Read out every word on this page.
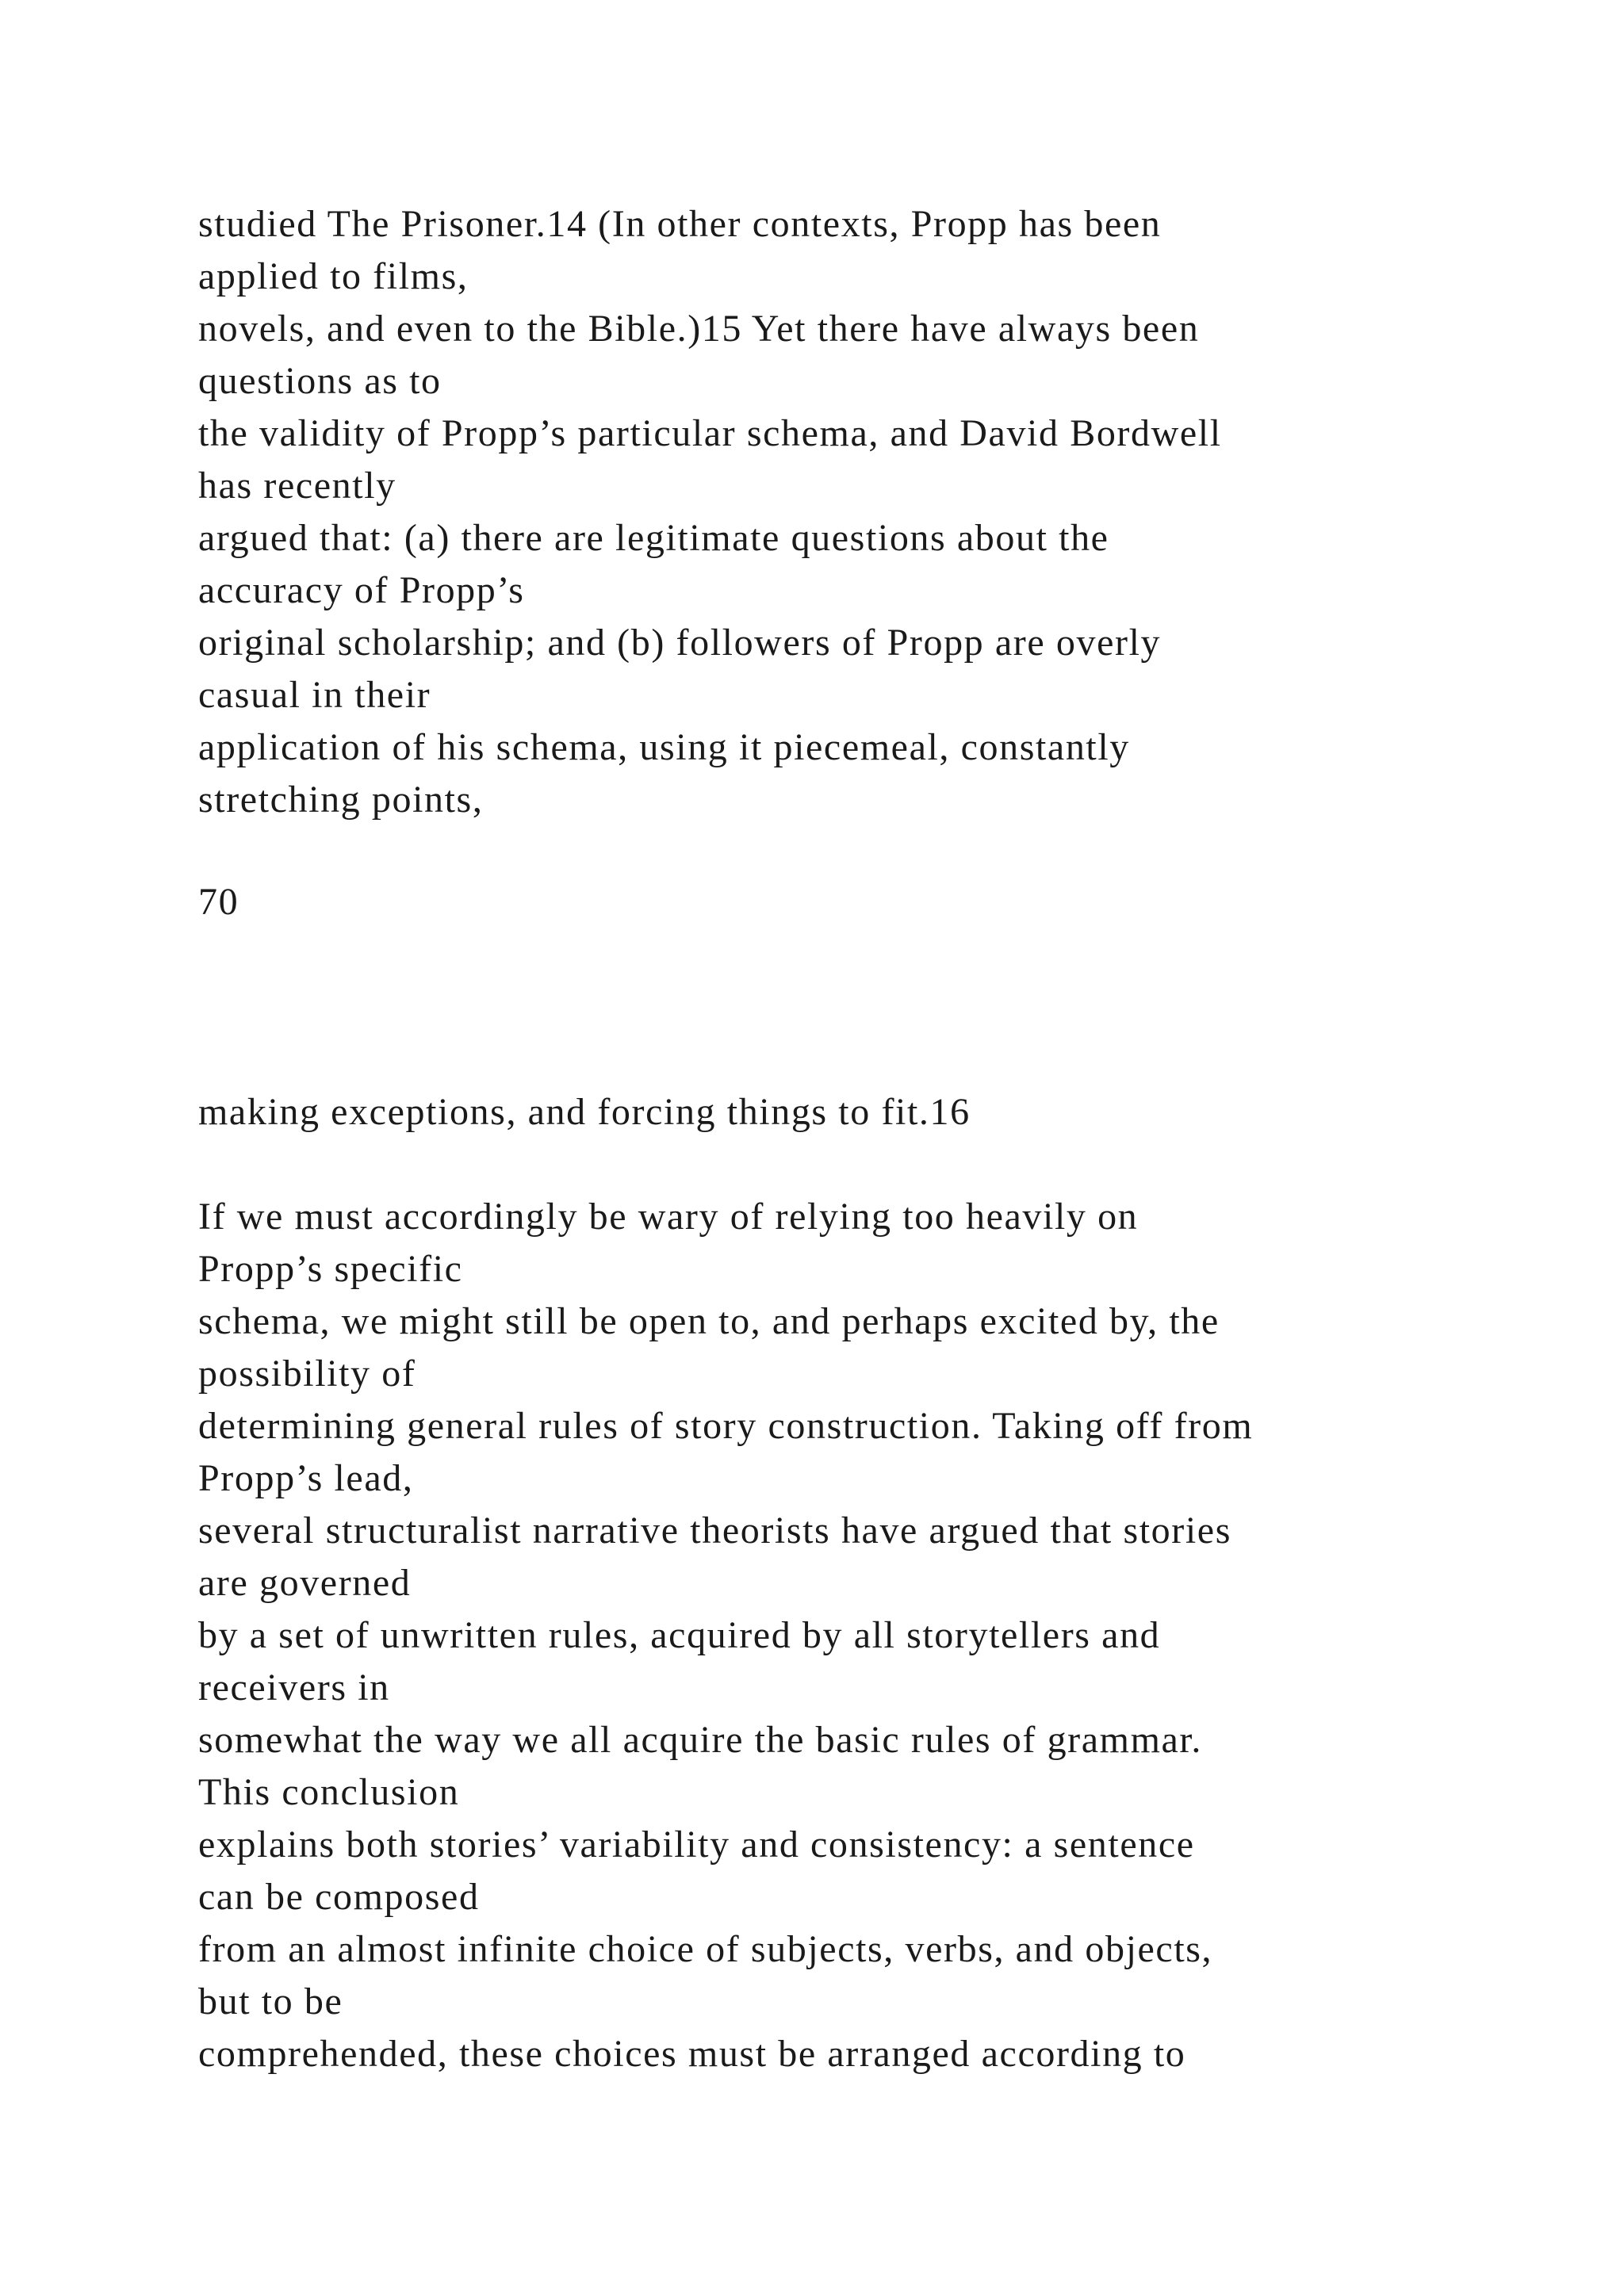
studied The Prisoner.14 (In other contexts, Propp has been
applied to films,
novels, and even to the Bible.)15 Yet there have always been
questions as to
the validity of Propp’s particular schema, and David Bordwell
has recently
argued that: (a) there are legitimate questions about the
accuracy of Propp’s
original scholarship; and (b) followers of Propp are overly
casual in their
application of his schema, using it piecemeal, constantly
stretching points,
70
making exceptions, and forcing things to fit.16
If we must accordingly be wary of relying too heavily on
Propp’s specific
schema, we might still be open to, and perhaps excited by, the
possibility of
determining general rules of story construction. Taking off from
Propp’s lead,
several structuralist narrative theorists have argued that stories
are governed
by a set of unwritten rules, acquired by all storytellers and
receivers in
somewhat the way we all acquire the basic rules of grammar.
This conclusion
explains both stories’ variability and consistency: a sentence
can be composed
from an almost infinite choice of subjects, verbs, and objects,
but to be
comprehended, these choices must be arranged according to
